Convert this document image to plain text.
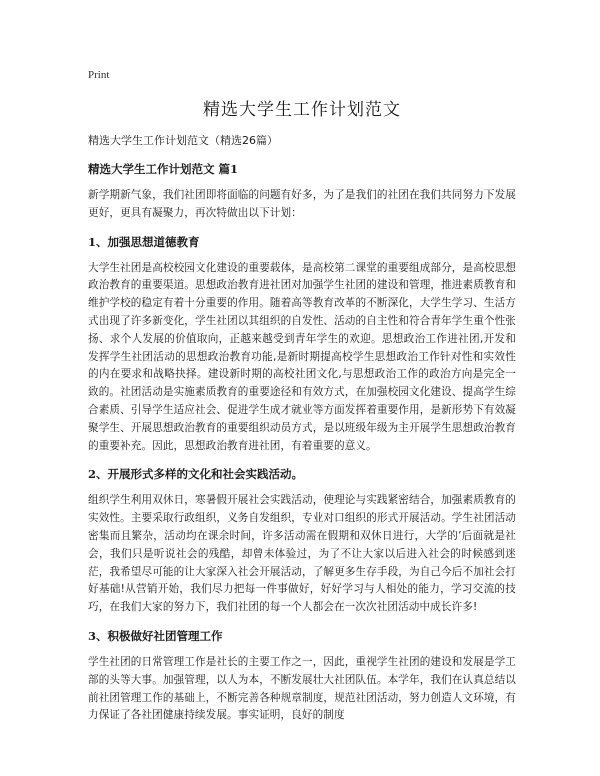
Print
精选大学生工作计划范文
精选大学生工作计划范文（精选26篇）
精选大学生工作计划范文 篇1

新学期新气象，我们社团即将面临的问题有好多，为了是我们的社团在我们共同努力下发展更好，更具有凝聚力，再次特做出以下计划：

1、加强思想道德教育

大学生社团是高校校园文化建设的重要载体，是高校第二课堂的重要组成部分，是高校思想政治教育的重要渠道。思想政治教育进社团对加强学生社团的建设和管理，推进素质教育和维护学校的稳定有着十分重要的作用。随着高等教育改革的不断深化，大学生学习、生活方式出现了许多新变化，学生社团以其组织的自发性、活动的自主性和符合青年学生重个性张扬、求个人发展的价值取向，正越来越受到青年学生的欢迎。思想政治工作进社团,开发和发挥学生社团活动的思想政治教育功能,是新时期提高校学生思想政治工作针对性和实效性的内在要求和战略抉择。建设新时期的高校社团文化,与思想政治工作的政治方向是完全一致的。社团活动是实施素质教育的重要途径和有效方式，在加强校园文化建设、提高学生综合素质、引导学生适应社会、促进学生成才就业等方面发挥着重要作用，是新形势下有效凝聚学生、开展思想政治教育的重要组织动员方式，是以班级年级为主开展学生思想政治教育的重要补充。因此，思想政治教育进社团，有着重要的意义。

2、开展形式多样的文化和社会实践活动。

组织学生利用双休日，寒暑假开展社会实践活动，使理论与实践紧密结合，加强素质教育的实效性。主要采取行政组织，义务自发组织，专业对口组织的形式开展活动。学生社团活动密集而且繁杂，活动均在课余时间，许多活动需在假期和双休日进行，大学的’后面就是社会，我们只是听说社会的残酷，却曾未体验过，为了不让大家以后进入社会的时候感到迷茫，我希望尽可能的让大家深入社会开展活动，了解更多生存手段，为自己今后不加社会打好基础!从营销开始，我们尽力把每一件事做好，好好学习与人相处的能力，学习交流的技巧，在我们大家的努力下，我们社团的每一个人都会在一次次社团活动中成长许多!

3、积极做好社团管理工作

学生社团的日常管理工作是社长的主要工作之一，因此，重视学生社团的建设和发展是学工部的头等大事。加强管理，以人为本，不断发展壮大社团队伍。本学年，我们在认真总结以前社团管理工作的基础上，不断完善各种规章制度，规范社团活动，努力创造人文环境，有力保证了各社团健康持续发展。事实证明，良好的制度
